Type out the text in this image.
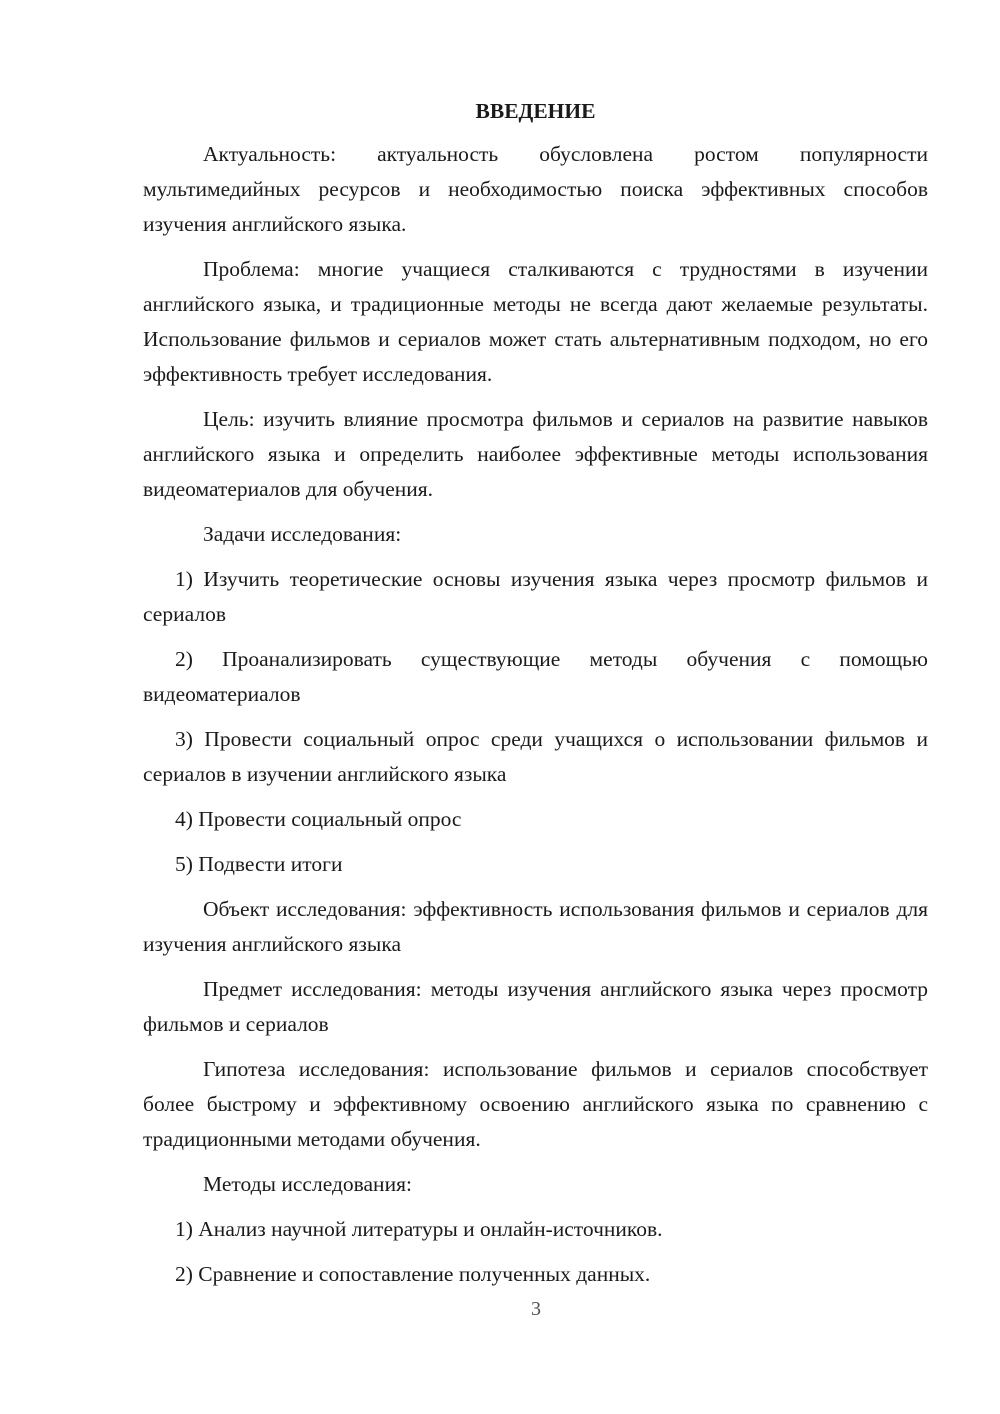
ВВЕДЕНИЕ

Актуальность: актуальность обусловлена ростом популярности мультимедийных ресурсов и необходимостью поиска эффективных способов изучения английского языка.

Проблема: многие учащиеся сталкиваются с трудностями в изучении английского языка, и традиционные методы не всегда дают желаемые результаты. Использование фильмов и сериалов может стать альтернативным подходом, но его эффективность требует исследования.

Цель: изучить влияние просмотра фильмов и сериалов на развитие навыков английского языка и определить наиболее эффективные методы использования видеоматериалов для обучения.

Задачи исследования:

1) Изучить теоретические основы изучения языка через просмотр фильмов и сериалов

2) Проанализировать существующие методы обучения с помощью видеоматериалов

3) Провести социальный опрос среди учащихся о использовании фильмов и сериалов в изучении английского языка

4) Провести социальный опрос

5) Подвести итоги

Объект исследования: эффективность использования фильмов и сериалов для изучения английского языка

Предмет исследования: методы изучения английского языка через просмотр фильмов и сериалов

Гипотеза исследования: использование фильмов и сериалов способствует более быстрому и эффективному освоению английского языка по сравнению с традиционными методами обучения.

Методы исследования:

1) Анализ научной литературы и онлайн-источников.

2) Сравнение и сопоставление полученных данных.

3
